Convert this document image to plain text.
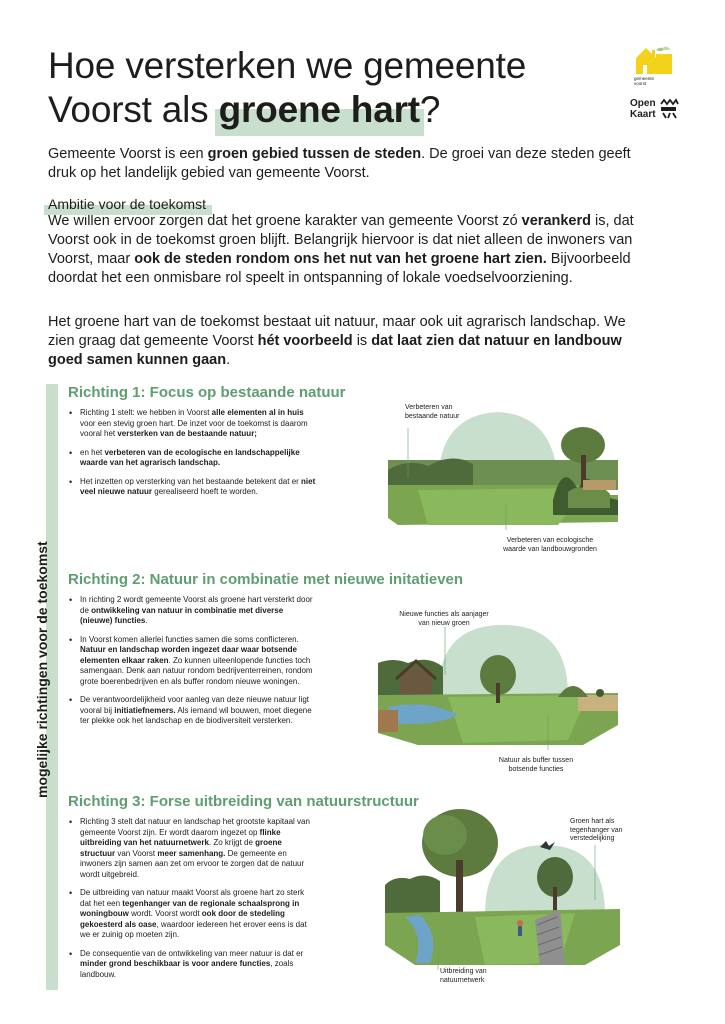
Hoe versterken we gemeente
Voorst als groene hart?
gemeente
voorst
Open
Kaart

Gemeente Voorst is een groen gebied tussen de steden. De groei van deze steden geeft druk op het landelijk gebied van gemeente Voorst.

Ambitie voor de toekomst

We willen ervoor zorgen dat het groene karakter van gemeente Voorst zó verankerd is, dat Voorst ook in de toekomst groen blijft. Belangrijk hiervoor is dat niet alleen de inwoners van Voorst, maar ook de steden rondom ons het nut van het groene hart zien. Bijvoorbeeld doordat het een onmisbare rol speelt in ontspanning of lokale voedselvoorziening.

Het groene hart van de toekomst bestaat uit natuur, maar ook uit agrarisch landschap. We zien graag dat gemeente Voorst hét voorbeeld is dat laat zien dat natuur en landbouw goed samen kunnen gaan.

mogelijke richtingen voor de toekomst
Richting 1: Focus op bestaande natuur
• Richting 1 stelt: we hebben in Voorst alle elementen al in huis voor een stevig groen hart. De inzet voor de toekomst is daarom vooral het versterken van de bestaande natuur;
• en het verbeteren van de ecologische en landschappelijke waarde van het agrarisch landschap.
• Het inzetten op versterking van het bestaande betekent dat er niet veel nieuwe natuur gerealiseerd hoeft te worden.
Verbeteren van bestaande natuur
Verbeteren van ecologische waarde van landbouwgronden
Richting 2: Natuur in combinatie met nieuwe initatieven
• In richting 2 wordt gemeente Voorst als groene hart versterkt door de ontwikkeling van natuur in combinatie met diverse (nieuwe) functies.
• In Voorst komen allerlei functies samen die soms conflicteren. Natuur en landschap worden ingezet daar waar botsende elementen elkaar raken. Zo kunnen uiteenlopende functies toch samengaan. Denk aan natuur rondom bedrijventerreinen, rondom grote boerenbedrijven en als buffer rondom nieuwe woningen.
• De verantwoordelijkheid voor aanleg van deze nieuwe natuur ligt vooral bij initiatiefnemers. Als iemand wil bouwen, moet diegene ter plekke ook het landschap en de biodiversiteit versterken.
Nieuwe functies als aanjager van nieuw groen
Natuur als buffer tussen botsende functies
Richting 3: Forse uitbreiding van natuurstructuur
• Richting 3 stelt dat natuur en landschap het grootste kapitaal van gemeente Voorst zijn. Er wordt daarom ingezet op flinke uitbreiding van het natuurnetwerk. Zo krijgt de groene structuur van Voorst meer samenhang. De gemeente en inwoners zijn samen aan zet om ervoor te zorgen dat de natuur wordt uitgebreid.
• De uitbreiding van natuur maakt Voorst als groene hart zo sterk dat het een tegenhanger van de regionale schaalsprong in woningbouw wordt. Voorst wordt ook door de stedeling gekoesterd als oase, waardoor iedereen het erover eens is dat we er zuinig op moeten zijn.
• De consequentie van de ontwikkeling van meer natuur is dat er minder grond beschikbaar is voor andere functies, zoals landbouw.
Groen hart als tegenhanger van verstedelijking
Uitbreiding van natuurnetwerk
